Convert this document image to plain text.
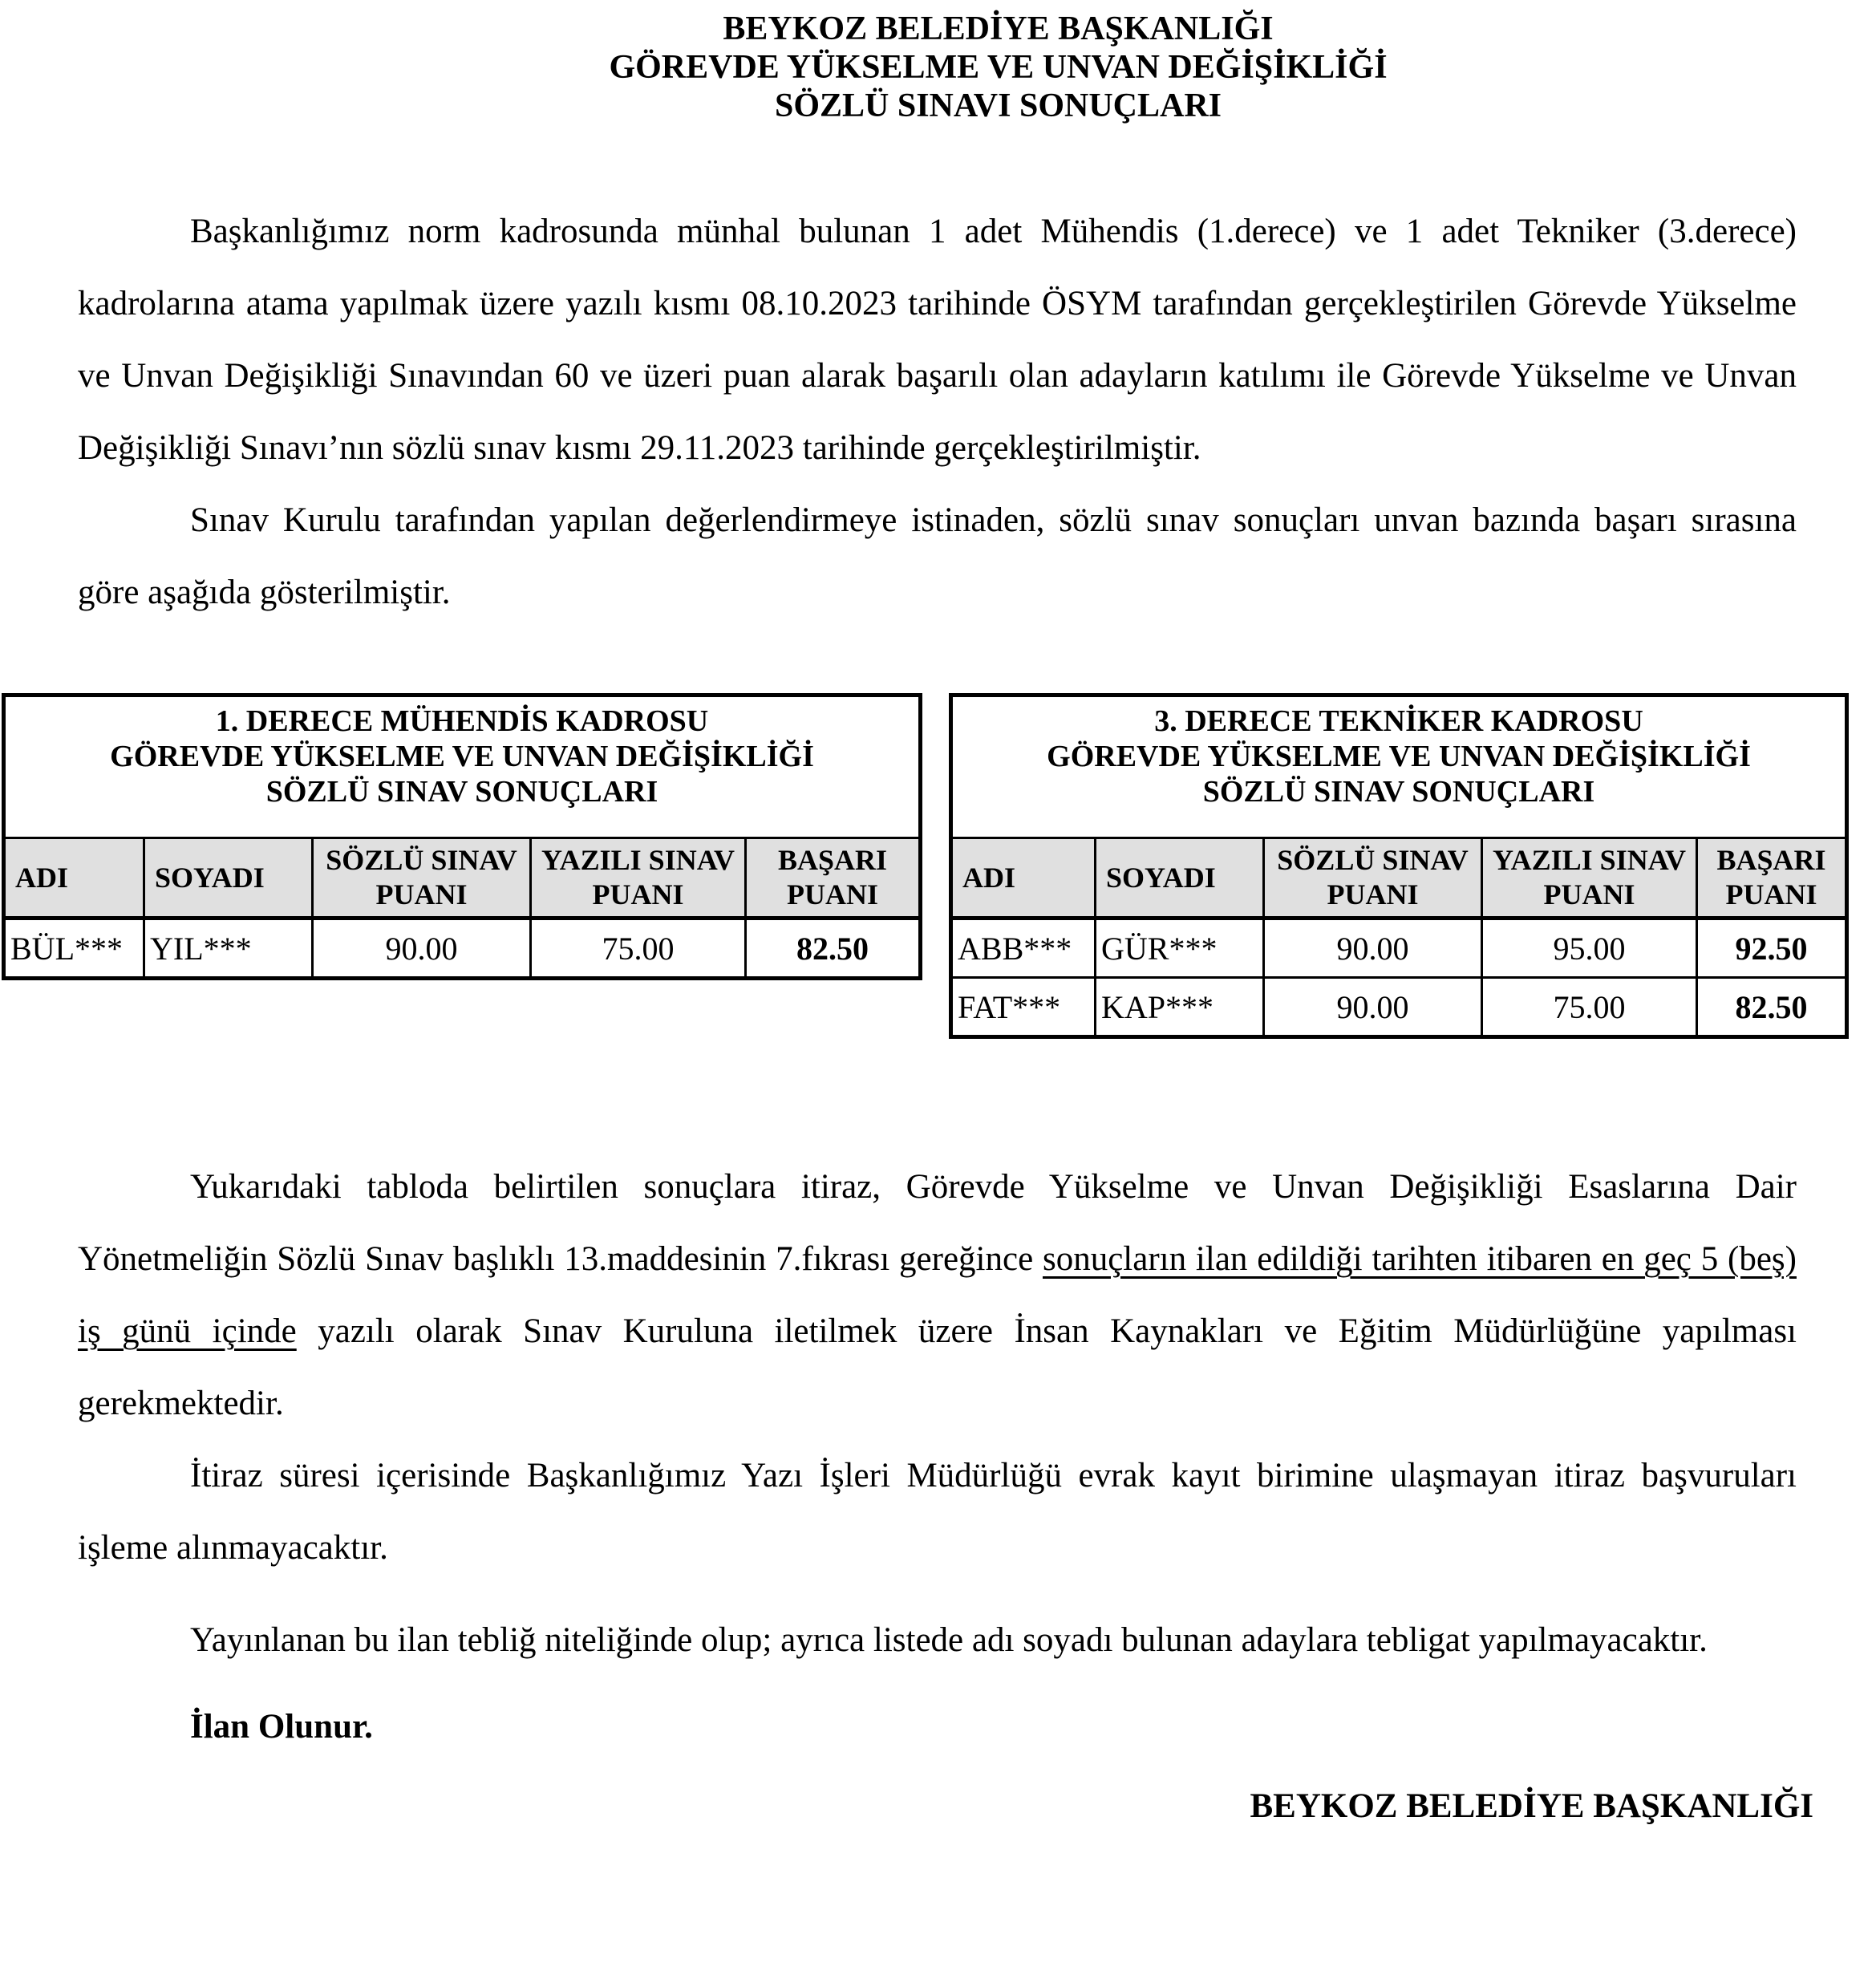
BEYKOZ BELEDİYE BAŞKANLIĞI
GÖREVDE YÜKSELME VE UNVAN DEĞİŞİKLİĞİ
SÖZLÜ SINAVI SONUÇLARI

Başkanlığımız norm kadrosunda münhal bulunan 1 adet Mühendis (1.derece) ve 1 adet Tekniker (3.derece) kadrolarına atama yapılmak üzere yazılı kısmı 08.10.2023 tarihinde ÖSYM tarafından gerçekleştirilen Görevde Yükselme ve Unvan Değişikliği Sınavından 60 ve üzeri puan alarak başarılı olan adayların katılımı ile Görevde Yükselme ve Unvan Değişikliği Sınavı’nın sözlü sınav kısmı 29.11.2023 tarihinde gerçekleştirilmiştir.

Sınav Kurulu tarafından yapılan değerlendirmeye istinaden, sözlü sınav sonuçları unvan bazında başarı sırasına göre aşağıda gösterilmiştir.

1. DERECE MÜHENDİS KADROSU
GÖREVDE YÜKSELME VE UNVAN DEĞİŞİKLİĞİ
SÖZLÜ SINAV SONUÇLARI				

ADI	SOYADI	SÖZLÜ SINAV PUANI	YAZILI SINAV PUANI	BAŞARI PUANI
BÜL***	YIL***	90.00	75.00	82.50
3. DERECE TEKNİKER KADROSU
GÖREVDE YÜKSELME VE UNVAN DEĞİŞİKLİĞİ
SÖZLÜ SINAV SONUÇLARI				

ADI	SOYADI	SÖZLÜ SINAV PUANI	YAZILI SINAV PUANI	BAŞARI PUANI
ABB***	GÜR***	90.00	95.00	92.50
FAT***	KAP***	90.00	75.00	82.50

Yukarıdaki tabloda belirtilen sonuçlara itiraz, Görevde Yükselme ve Unvan Değişikliği Esaslarına Dair Yönetmeliğin Sözlü Sınav başlıklı 13.maddesinin 7.fıkrası gereğince sonuçların ilan edildiği tarihten itibaren en geç 5 (beş) iş günü içinde yazılı olarak Sınav Kuruluna iletilmek üzere İnsan Kaynakları ve Eğitim Müdürlüğüne yapılması gerekmektedir.

İtiraz süresi içerisinde Başkanlığımız Yazı İşleri Müdürlüğü evrak kayıt birimine ulaşmayan itiraz başvuruları işleme alınmayacaktır.

Yayınlanan bu ilan tebliğ niteliğinde olup; ayrıca listede adı soyadı bulunan adaylara tebligat yapılmayacaktır.

İlan Olunur.

BEYKOZ BELEDİYE BAŞKANLIĞI
